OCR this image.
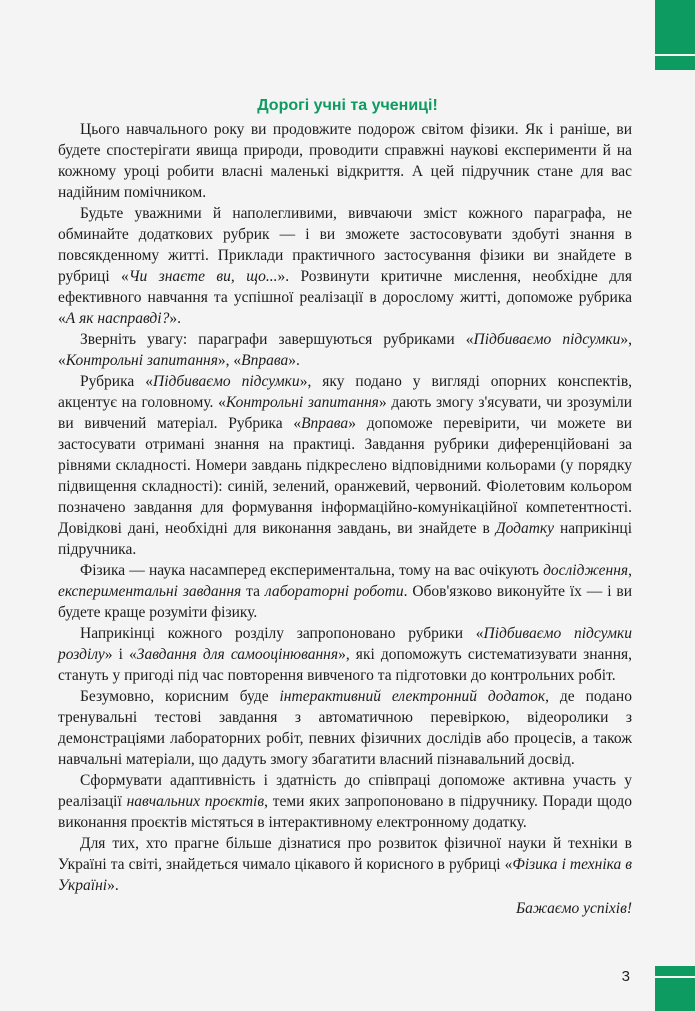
Дорогі учні та учениці!

Цього навчального року ви продовжите подорож світом фізики. Як і раніше, ви будете спостерігати явища природи, проводити справжні наукові експерименти й на кожному уроці робити власні маленькі відкриття. А цей підручник стане для вас надійним помічником.

Будьте уважними й наполегливими, вивчаючи зміст кожного параграфа, не обминайте додаткових рубрик — і ви зможете застосовувати здобуті знання в повсякденному житті. Приклади практичного застосування фізики ви знайдете в рубриці «Чи знаєте ви, що...». Розвинути критичне мислення, необхідне для ефективного навчання та успішної реалізації в дорослому житті, допоможе рубрика «А як насправді?».

Зверніть увагу: параграфи завершуються рубриками «Підбиваємо підсумки», «Контрольні запитання», «Вправа».

Рубрика «Підбиваємо підсумки», яку подано у вигляді опорних конспектів, акцентує на головному. «Контрольні запитання» дають змогу з'ясувати, чи зрозуміли ви вивчений матеріал. Рубрика «Вправа» допоможе перевірити, чи можете ви застосувати отримані знання на практиці. Завдання рубрики диференційовані за рівнями складності. Номери завдань підкреслено відповідними кольорами (у порядку підвищення складності): синій, зелений, оранжевий, червоний. Фіолетовим кольором позначено завдання для формування інформаційно-комунікаційної компетентності. Довідкові дані, необхідні для виконання завдань, ви знайдете в Додатку наприкінці підручника.

Фізика — наука насамперед експериментальна, тому на вас очікують дослідження, експериментальні завдання та лабораторні роботи. Обов'язково виконуйте їх — і ви будете краще розуміти фізику.

Наприкінці кожного розділу запропоновано рубрики «Підбиваємо підсумки розділу» і «Завдання для самооцінювання», які допоможуть систематизувати знання, стануть у пригоді під час повторення вивченого та підготовки до контрольних робіт.

Безумовно, корисним буде інтерактивний електронний додаток, де подано тренувальні тестові завдання з автоматичною перевіркою, відеоролики з демонстраціями лабораторних робіт, певних фізичних дослідів або процесів, а також навчальні матеріали, що дадуть змогу збагатити власний пізнавальний досвід.

Сформувати адаптивність і здатність до співпраці допоможе активна участь у реалізації навчальних проєктів, теми яких запропоновано в підручнику. Поради щодо виконання проєктів містяться в інтерактивному електронному додатку.

Для тих, хто прагне більше дізнатися про розвиток фізичної науки й техніки в Україні та світі, знайдеться чимало цікавого й корисного в рубриці «Фізика і техніка в Україні».

Бажаємо успіхів!

3
